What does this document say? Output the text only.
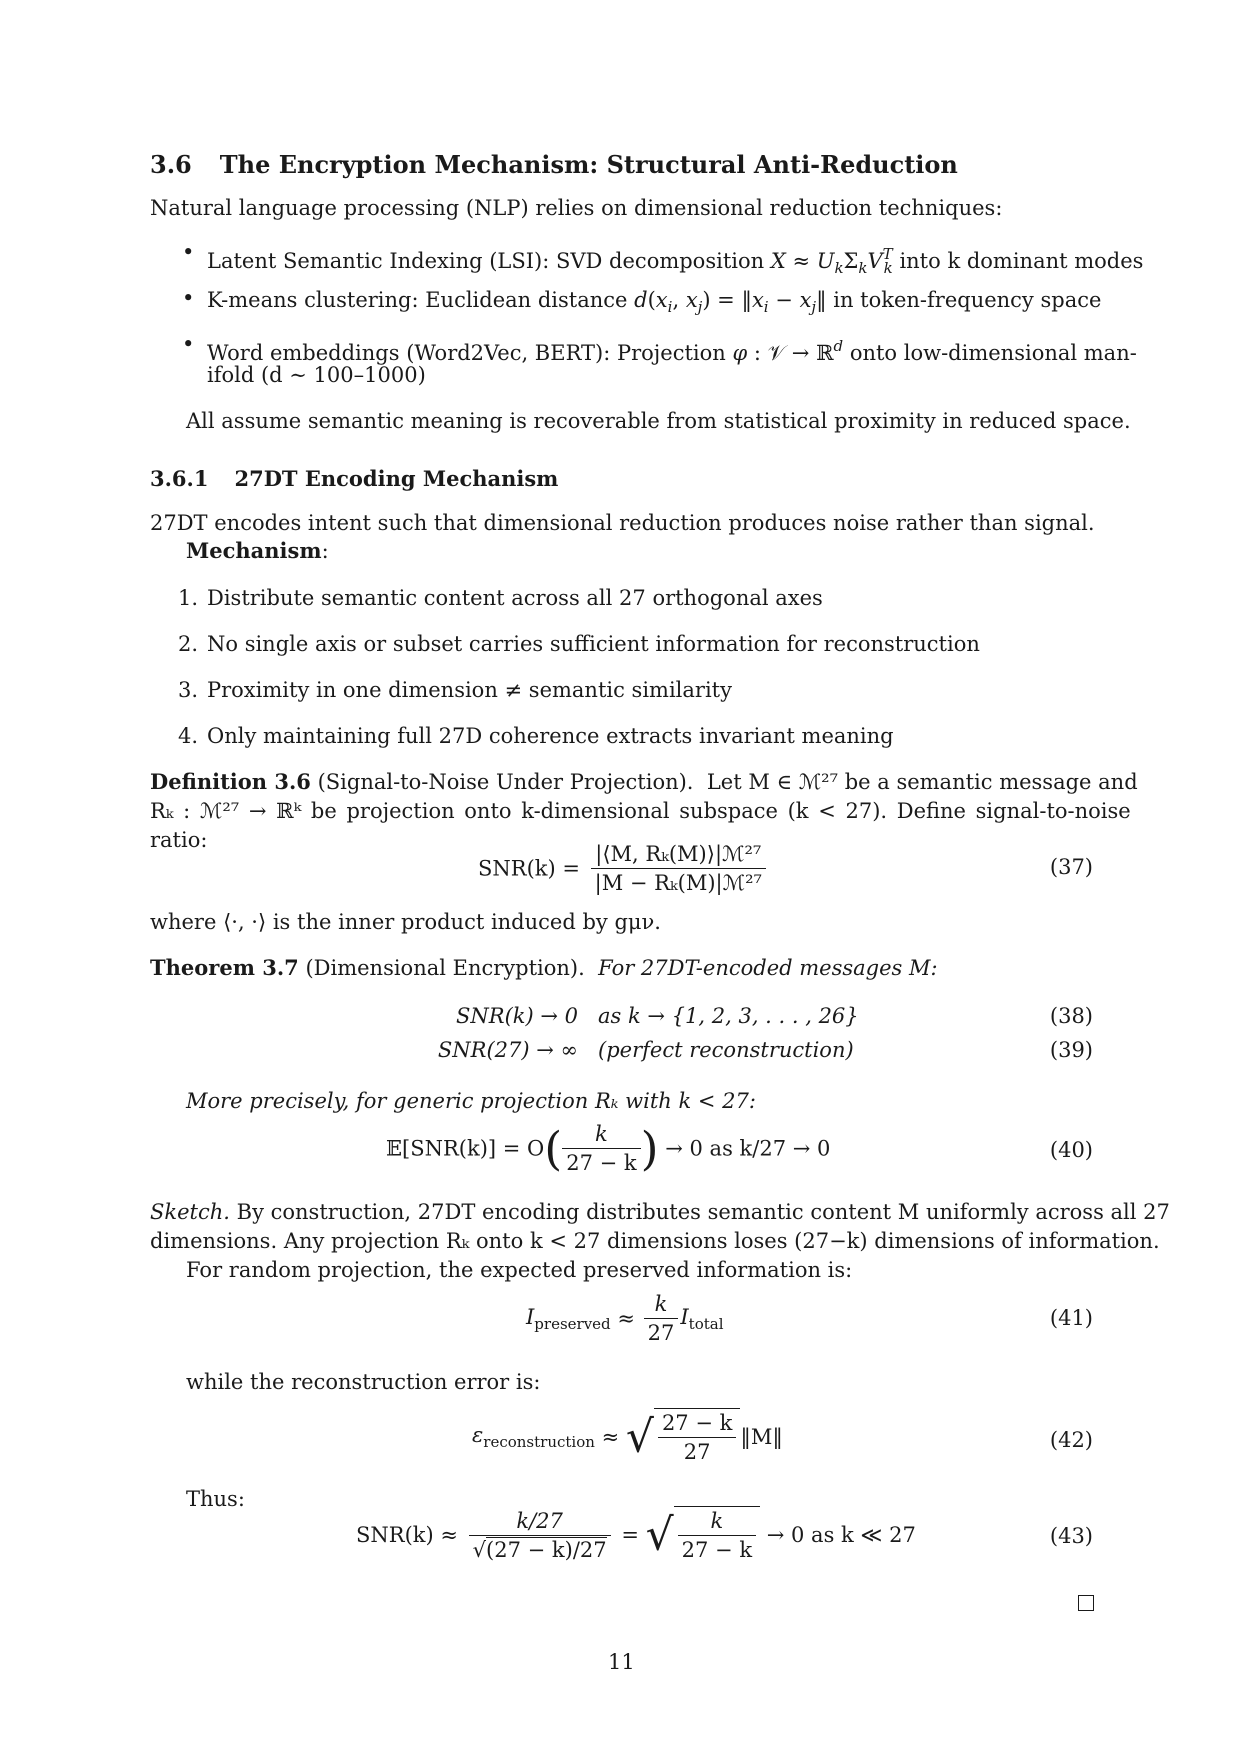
3.6 The Encryption Mechanism: Structural Anti-Reduction
Natural language processing (NLP) relies on dimensional reduction techniques:
• Latent Semantic Indexing (LSI): SVD decomposition $X \approx U_k\Sigma_kV^T_k$ into k dominant modes
• K-means clustering: Euclidean distance $d(x_i$, $x_j$) = $‖x_i$ − $x_j‖$ in token-frequency space
• Word embeddings (Word2Vec, BERT): Projection φ : 𝒱 → ℝ$^d$ onto low-dimensional man-
ifold (d ∼ 100–1000)
All assume semantic meaning is recoverable from statistical proximity in reduced space.
3.6.1 27DT Encoding Mechanism
27DT encodes intent such that dimensional reduction produces noise rather than signal.
Mechanism:
1. Distribute semantic content across all 27 orthogonal axes
2. No single axis or subset carries sufficient information for reconstruction
3. Proximity in one dimension ≠ semantic similarity
4. Only maintaining full 27D coherence extracts invariant meaning
Definition 3.6 (Signal-to-Noise Under Projection). Let M ∈ ℳ²⁷ be a semantic message and
Rₖ : ℳ²⁷ → ℝᵏ be projection onto k-dimensional subspace (k < 27). Define signal-to-noise
ratio:
$SNR(k) = \frac{\text{|⟨M, Rₖ(M)⟩|ℳ²⁷}}{\text{|M − Rₖ(M)|ℳ²⁷}}$	(37)
where ⟨·, ·⟩ is the inner product induced by gμν.
Theorem 3.7 (Dimensional Encryption). For 27DT-encoded messages M:
SNR(k) → 0 as k → {1, 2, 3, . . . , 26}	(38)
SNR(27) → ∞ (perfect reconstruction)	(39)
More precisely, for generic projection Rₖ with k < 27:
𝔼[SNR(k)] = $O( \frac{k}{27 - k}$ ) → 0 as k/27 → 0	(40)
Sketch. By construction, 27DT encoding distributes semantic content M uniformly across all 27
dimensions. Any projection Rₖ onto k < 27 dimensions loses (27−k) dimensions of information.
For random projection, the expected preserved information is:
$I_{preserved} \approx \frac{k}{27} I_{total}$	(41)
while the reconstruction error is:
$\varepsilon_{reconstruction}$ ≈ √ $\frac{27 - k}{27}$ ‖M‖	(42)
Thus:
$SNR(k) \approx \frac{k/27}{√(27 - k)/27}$ = √ $\frac{k}{27 - k} \to 0$ as k ≪ 27	(43)
11
